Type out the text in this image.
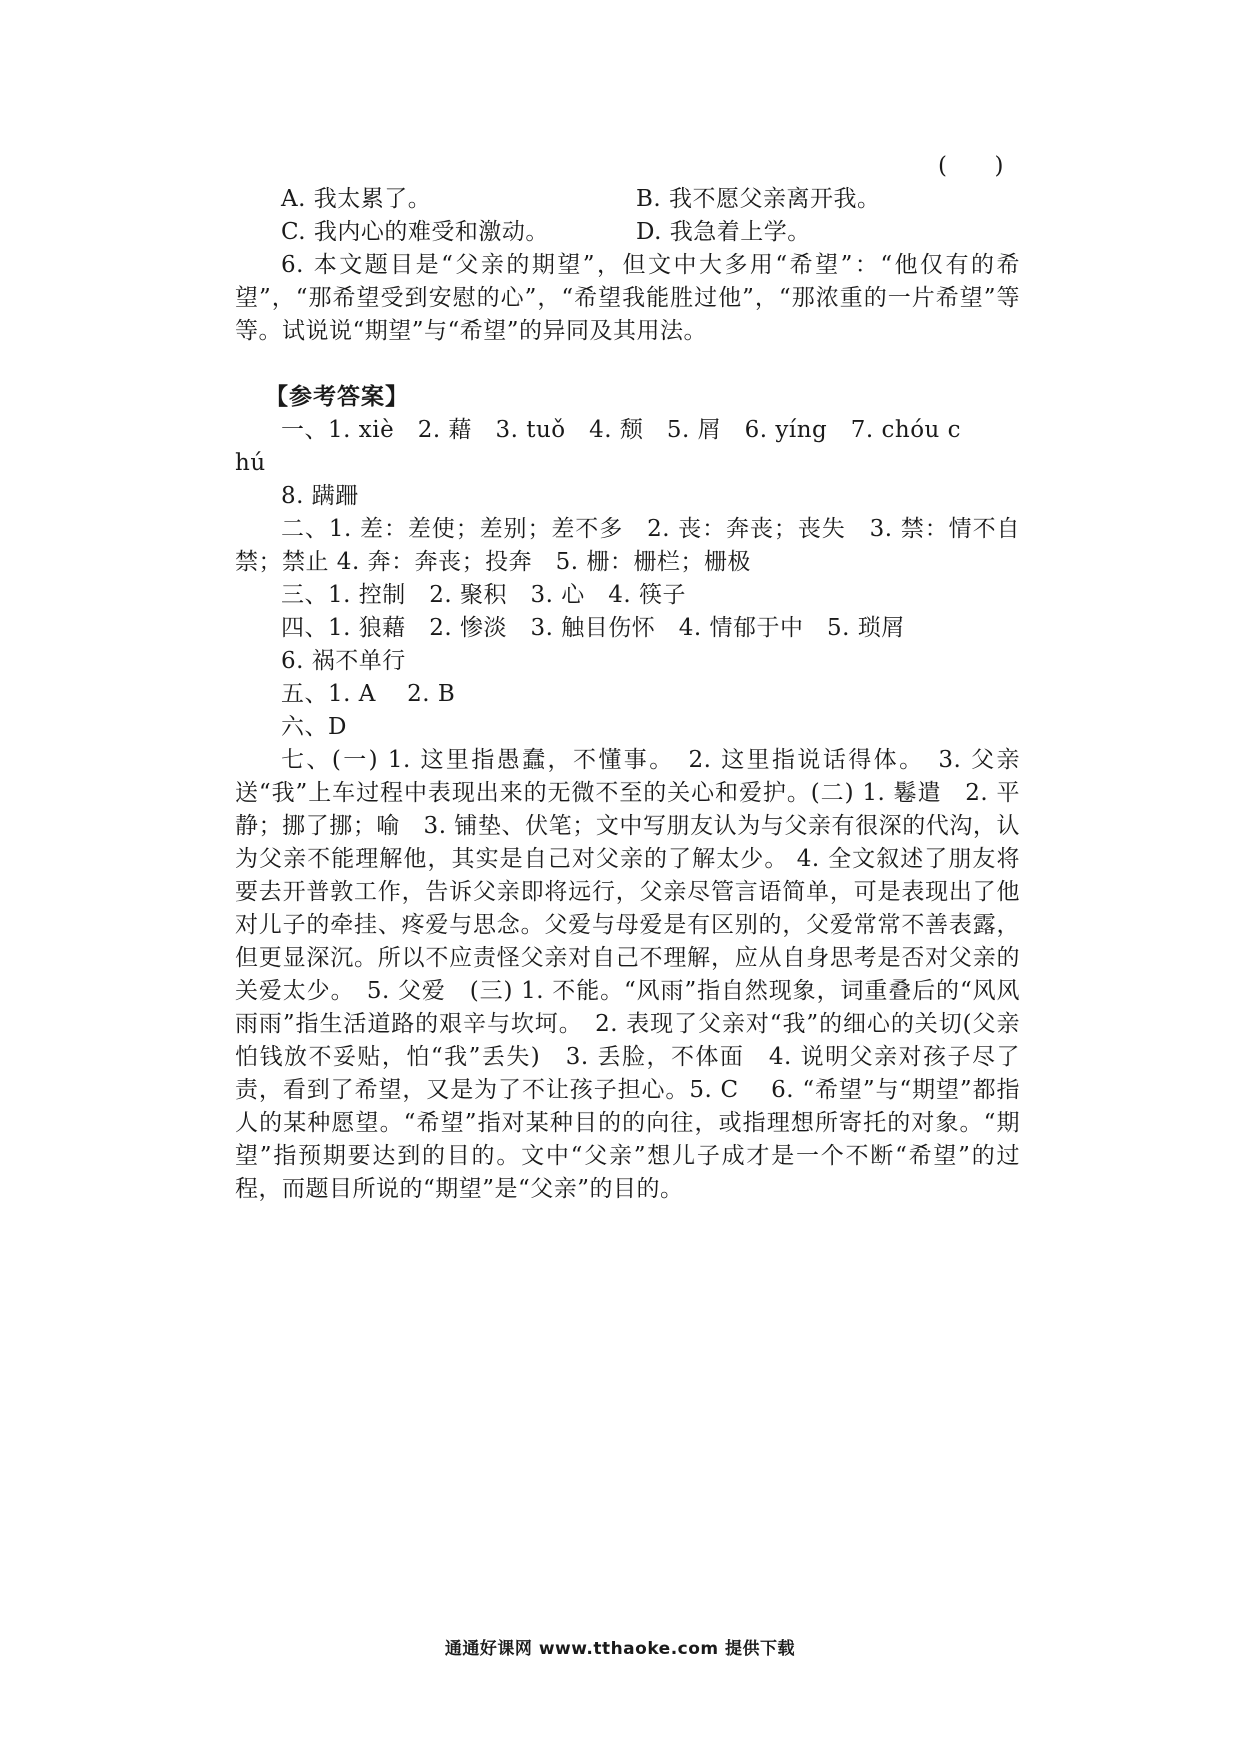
(　　)
A. 我太累了。	B. 我不愿父亲离开我。
C. 我内心的难受和激动。	D. 我急着上学。

6. 本文题目是“父亲的期望”，但文中大多用“希望”：“他仅有的希望”，“那希望受到安慰的心”，“希望我能胜过他”，“那浓重的一片希望”等等。试说说“期望”与“希望”的异同及其用法。

【参考答案】
一、1. xiè　2. 藉　3. tuǒ　4. 颓　5. 屑　6. yíng　7. chóu c
hú
8. 蹒跚

二、1. 差：差使；差别；差不多　2. 丧：奔丧；丧失　3. 禁：情不自禁；禁止 4. 奔：奔丧；投奔　5. 栅：栅栏；栅极

三、1. 控制　2. 聚积　3. 心　4. 筷子
四、1. 狼藉　2. 惨淡　3. 触目伤怀　4. 情郁于中　5. 琐屑
6. 祸不单行
五、1. A　 2. B
六、D

七、(一) 1. 这里指愚蠢，不懂事。　2. 这里指说话得体。　3. 父亲送“我”上车过程中表现出来的无微不至的关心和爱护。(二) 1. 鬈遣　2. 平静；挪了挪；喻　3. 铺垫、伏笔；文中写朋友认为与父亲有很深的代沟，认为父亲不能理解他，其实是自己对父亲的了解太少。 4. 全文叙述了朋友将要去开普敦工作，告诉父亲即将远行，父亲尽管言语简单，可是表现出了他对儿子的牵挂、疼爱与思念。父爱与母爱是有区别的，父爱常常不善表露，但更显深沉。所以不应责怪父亲对自己不理解，应从自身思考是否对父亲的关爱太少。　5. 父爱　(三) 1. 不能。“风雨”指自然现象，词重叠后的“风风雨雨”指生活道路的艰辛与坎坷。　2. 表现了父亲对“我”的细心的关切(父亲怕钱放不妥贴，怕“我”丢失)　3. 丢脸，不体面　4. 说明父亲对孩子尽了责，看到了希望，又是为了不让孩子担心。5. C　 6. “希望”与“期望”都指人的某种愿望。“希望”指对某种目的的向往，或指理想所寄托的对象。“期望”指预期要达到的目的。文中“父亲”想儿子成才是一个不断“希望”的过程，而题目所说的“期望”是“父亲”的目的。

通通好课网 www.tthaoke.com 提供下载
